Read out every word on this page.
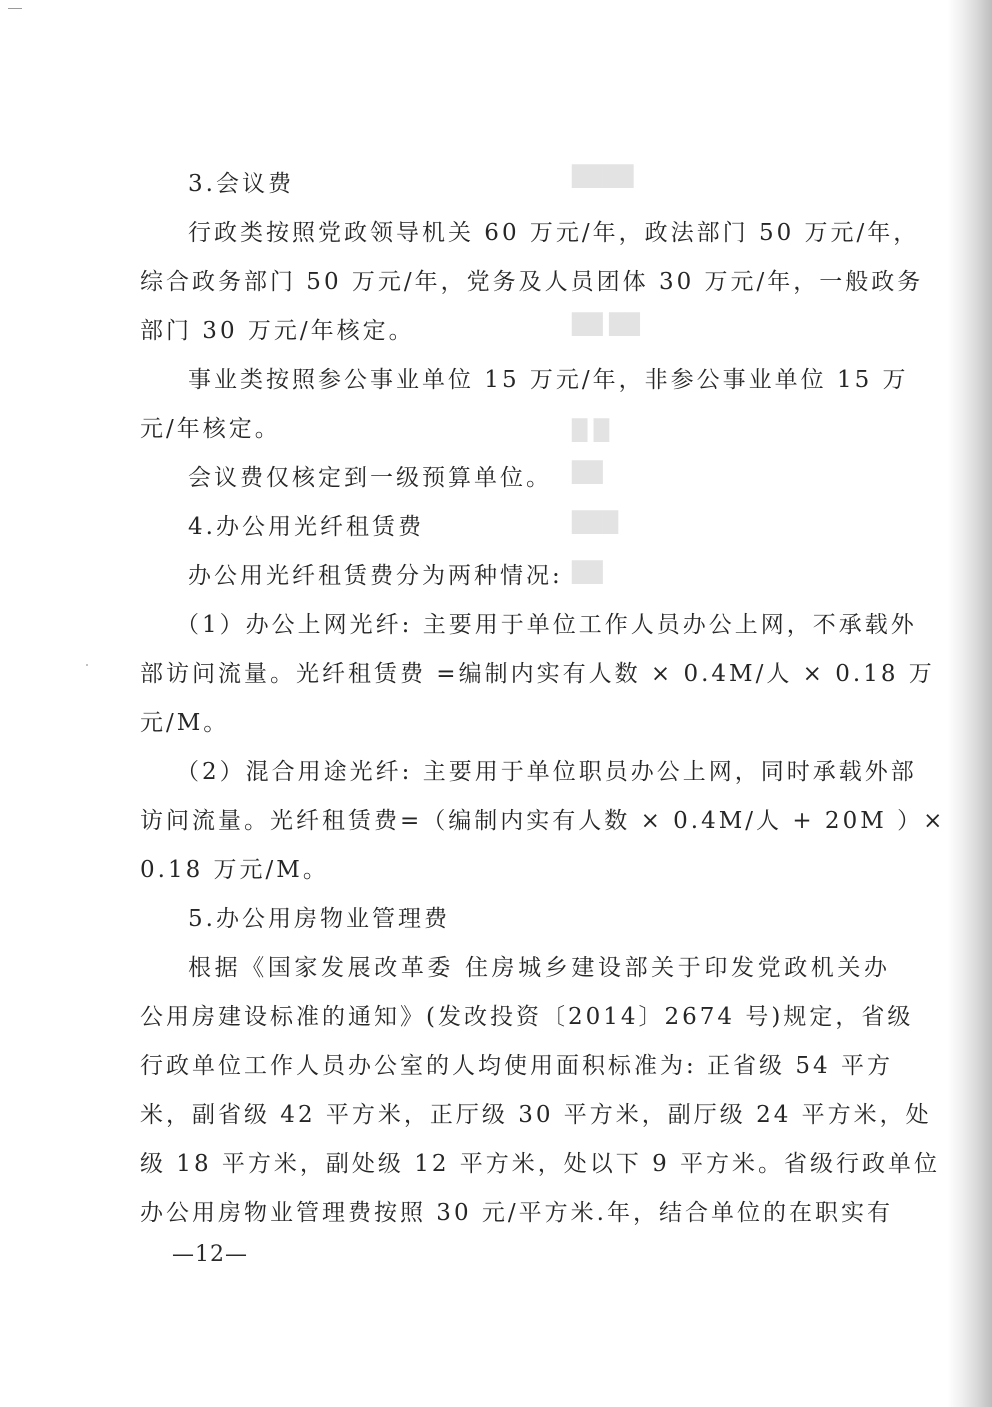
████
██ ██
█ █
██
███
██
3.会议费
行政类按照党政领导机关 60 万元/年，政法部门 50 万元/年，
综合政务部门 50 万元/年，党务及人员团体 30 万元/年，一般政务
部门 30 万元/年核定。
事业类按照参公事业单位 15 万元/年，非参公事业单位 15 万
元/年核定。
会议费仅核定到一级预算单位。
4.办公用光纤租赁费
办公用光纤租赁费分为两种情况:
（1）办公上网光纤: 主要用于单位工作人员办公上网，不承载外
部访问流量。光纤租赁费 =编制内实有人数 × 0.4M/人 × 0.18 万
元/M。
（2）混合用途光纤: 主要用于单位职员办公上网，同时承载外部
访问流量。光纤租赁费=（编制内实有人数 × 0.4M/人 + 20M ）×
0.18 万元/M。
5.办公用房物业管理费
根据《国家发展改革委 住房城乡建设部关于印发党政机关办
公用房建设标准的通知》(发改投资〔2014〕2674 号)规定，省级
行政单位工作人员办公室的人均使用面积标准为: 正省级 54 平方
米，副省级 42 平方米，正厅级 30 平方米，副厅级 24 平方米，处
级 18 平方米，副处级 12 平方米，处以下 9 平方米。省级行政单位
办公用房物业管理费按照 30 元/平方米.年，结合单位的在职实有
—12—
